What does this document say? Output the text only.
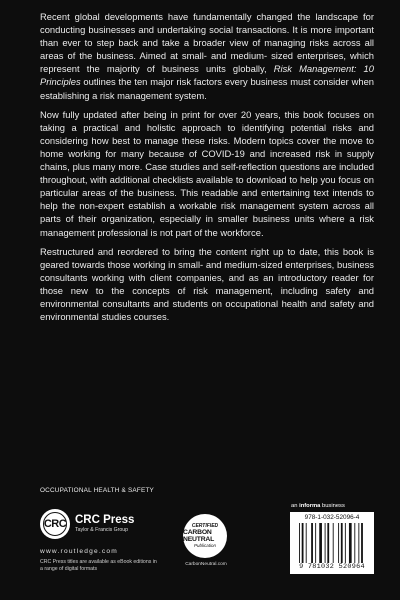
Recent global developments have fundamentally changed the landscape for conducting businesses and undertaking social transactions. It is more important than ever to step back and take a broader view of managing risks across all areas of the business. Aimed at small- and medium- sized enterprises, which represent the majority of business units globally, Risk Management: 10 Principles outlines the ten major risk factors every business must consider when establishing a risk management system.

Now fully updated after being in print for over 20 years, this book focuses on taking a practical and holistic approach to identifying potential risks and considering how best to manage these risks. Modern topics cover the move to home working for many because of COVID-19 and increased risk in supply chains, plus many more. Case studies and self-reflection questions are included throughout, with additional checklists available to download to help you focus on particular areas of the business. This readable and entertaining text intends to help the non-expert establish a workable risk management system across all parts of their organization, especially in smaller business units where a risk management professional is not part of the workforce.

Restructured and reordered to bring the content right up to date, this book is geared towards those working in small- and medium-sized enterprises, business consultants working with client companies, and as an introductory reader for those new to the concepts of risk management, including safety and environmental consultants and students on occupational health and safety and environmental studies courses.

OCCUPATIONAL HEALTH & SAFETY
CRC CRC Press
Taylor & Francis Group
www.routledge.com
CRC Press titles are available as eBook editions in a range of digital formats
CERTIFIED
CARBON NEUTRAL
Publication
CarbonNeutral.com
an informa business
978-1-032-52096-4
9 781032 520964
